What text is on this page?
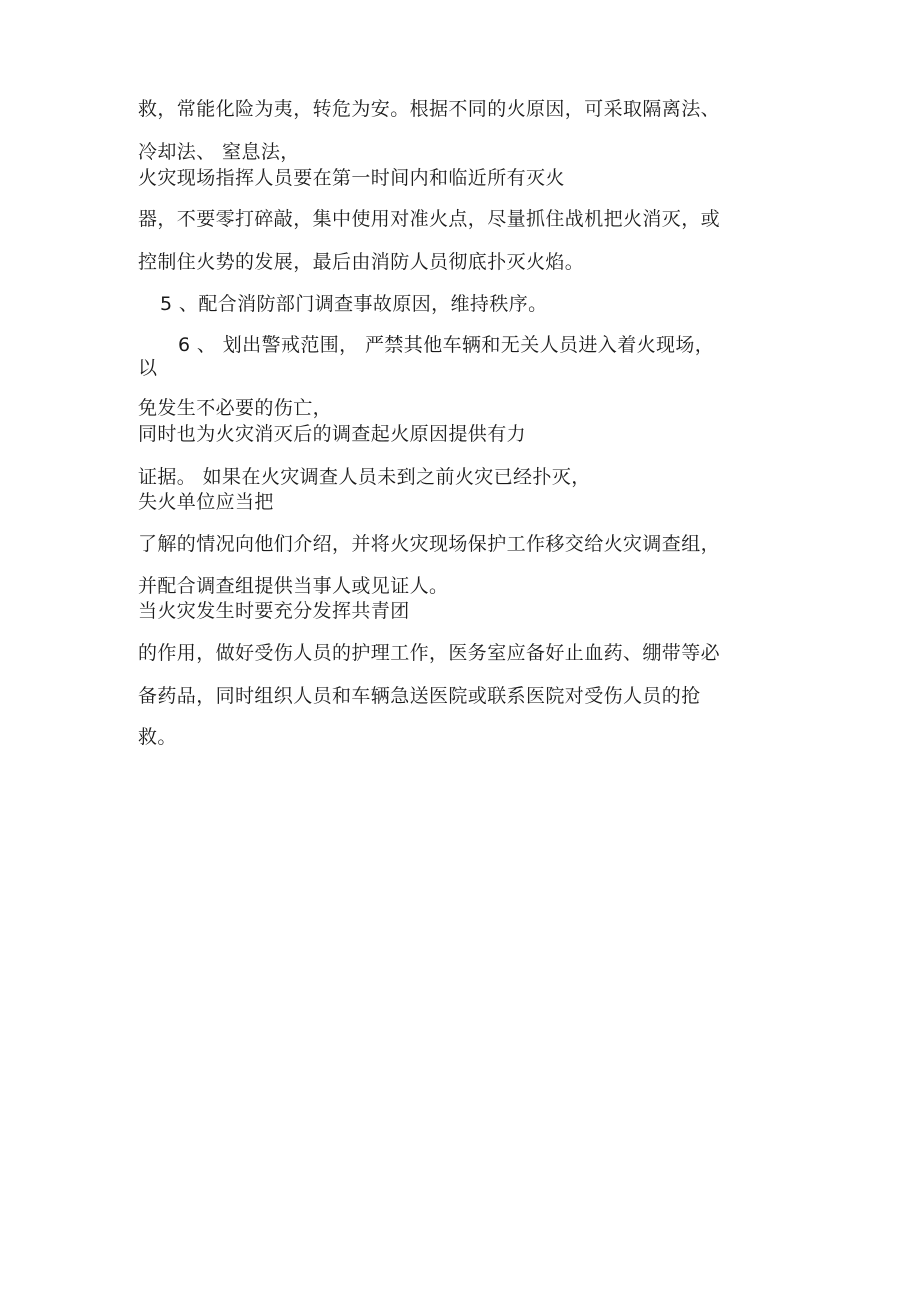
救，常能化险为夷，转危为安。根据不同的火原因，可采取隔离法、
冷却法、 窒息法，
火灾现场指挥人员要在第一时间内和临近所有灭火
器，不要零打碎敲，集中使用对准火点，尽量抓住战机把火消灭，或
控制住火势的发展，最后由消防人员彻底扑灭火焰。
5 、配合消防部门调查事故原因，维持秩序。
6 、 划出警戒范围， 严禁其他车辆和无关人员进入着火现场，
以
免发生不必要的伤亡，
同时也为火灾消灭后的调查起火原因提供有力
证据。 如果在火灾调查人员未到之前火灾已经扑灭，
失火单位应当把
了解的情况向他们介绍，并将火灾现场保护工作移交给火灾调查组，
并配合调查组提供当事人或见证人。
当火灾发生时要充分发挥共青团
的作用，做好受伤人员的护理工作，医务室应备好止血药、绷带等必
备药品，同时组织人员和车辆急送医院或联系医院对受伤人员的抢
救。
